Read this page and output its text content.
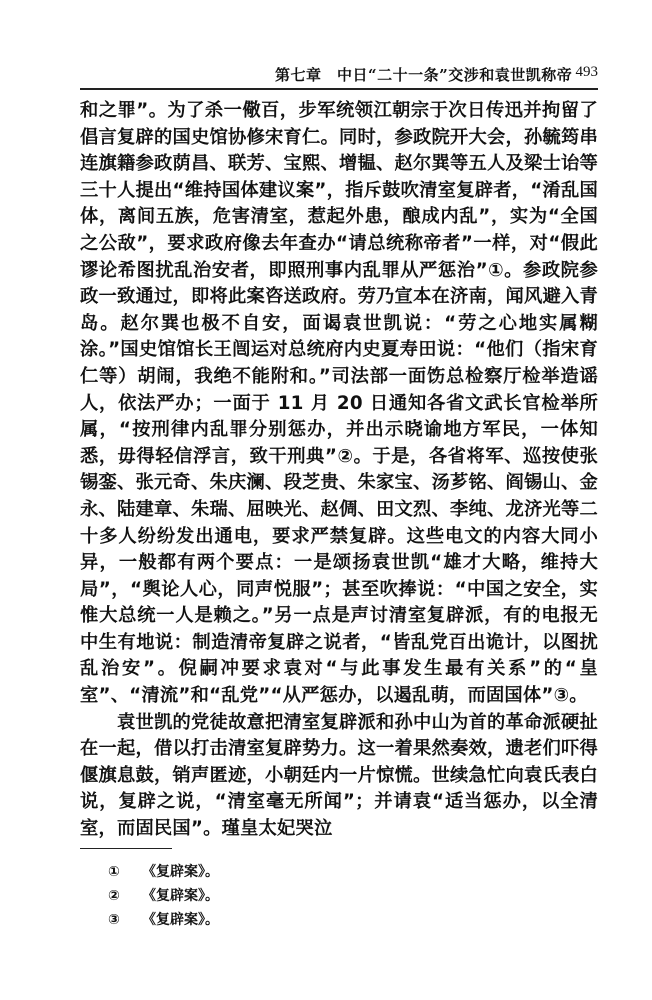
第七章　中日“二十一条”交涉和袁世凯称帝 493

和之罪”。为了杀一儆百，步军统领江朝宗于次日传迅并拘留了倡言复辟的国史馆协修宋育仁。同时，参政院开大会，孙毓筠串连旗籍参政荫昌、联芳、宝熙、增韫、赵尔巽等五人及梁士诒等三十人提出“维持国体建议案”，指斥鼓吹清室复辟者，“淆乱国体，离间五族，危害清室，惹起外患，酿成内乱”，实为“全国之公敌”，要求政府像去年查办“请总统称帝者”一样，对“假此谬论希图扰乱治安者，即照刑事内乱罪从严惩治”①。参政院参政一致通过，即将此案咨送政府。劳乃宣本在济南，闻风避入青岛。赵尔巽也极不自安，面谒袁世凯说：“劳之心地实属糊涂。”国史馆馆长王闿运对总统府内史夏寿田说：“他们（指宋育仁等）胡闹，我绝不能附和。”司法部一面饬总检察厅检举造谣人，依法严办；一面于 11 月 20 日通知各省文武长官检举所属，“按刑律内乱罪分别惩办，并出示晓谕地方军民，一体知悉，毋得轻信浮言，致干刑典”②。于是，各省将军、巡按使张锡銮、张元奇、朱庆澜、段芝贵、朱家宝、汤芗铭、阎锡山、金永、陆建章、朱瑞、屈映光、赵倜、田文烈、李纯、龙济光等二十多人纷纷发出通电，要求严禁复辟。这些电文的内容大同小异，一般都有两个要点：一是颂扬袁世凯“雄才大略，维持大局”，“舆论人心，同声悦服”；甚至吹捧说：“中国之安全，实惟大总统一人是赖之。”另一点是声讨清室复辟派，有的电报无中生有地说：制造清帝复辟之说者，“皆乱党百出诡计，以图扰乱治安”。倪嗣冲要求袁对“与此事发生最有关系”的“皇室”、“清流”和“乱党”“从严惩办，以遏乱萌，而固国体”③。

　　袁世凯的党徒故意把清室复辟派和孙中山为首的革命派硬扯在一起，借以打击清室复辟势力。这一着果然奏效，遗老们吓得偃旗息鼓，销声匿迹，小朝廷内一片惊慌。世续急忙向袁氏表白说，复辟之说，“清室毫无所闻”；并请袁“适当惩办，以全清室，而固民国”。瑾皇太妃哭泣

①	《复辟案》。
②	《复辟案》。
③	《复辟案》。
